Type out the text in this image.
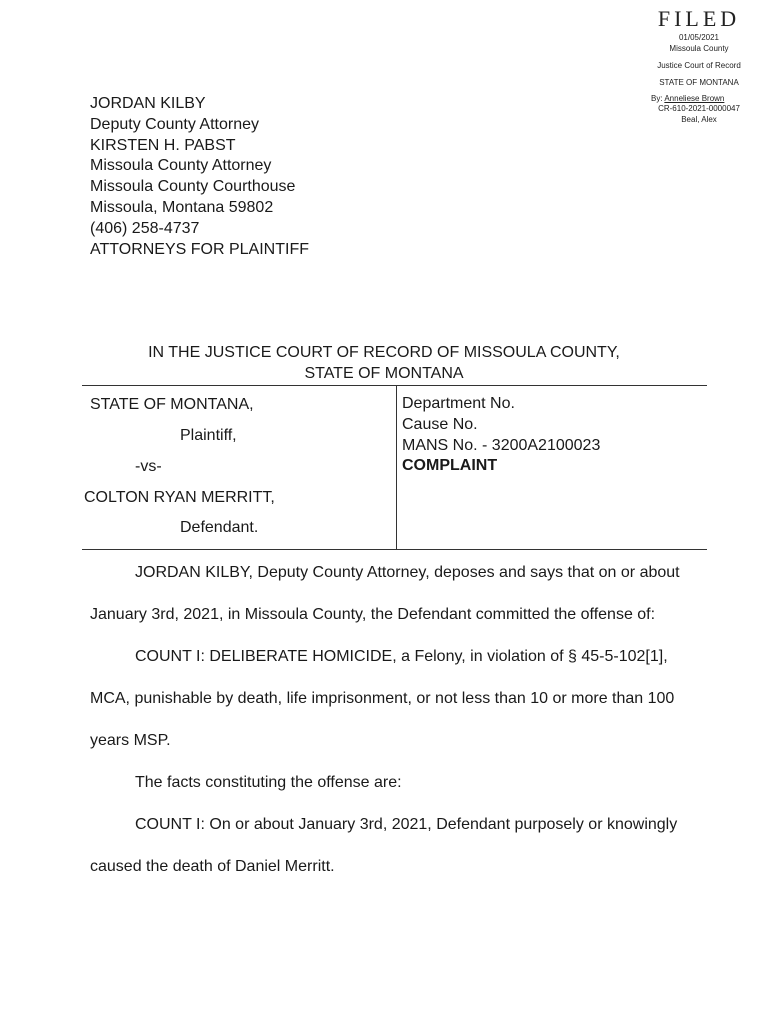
FILED
01/05/2021
Missoula County
Justice Court of Record
STATE OF MONTANA
By: Anneliese Brown
CR-610-2021-0000047
Beal, Alex
JORDAN KILBY
Deputy County Attorney
KIRSTEN H. PABST
Missoula County Attorney
Missoula County Courthouse
Missoula, Montana 59802
(406) 258-4737
ATTORNEYS FOR PLAINTIFF
IN THE JUSTICE COURT OF RECORD OF MISSOULA COUNTY,
STATE OF MONTANA
STATE OF MONTANA,
Plaintiff,
-vs-
COLTON RYAN MERRITT,
Defendant.
Department No.
Cause No.
MANS No. - 3200A2100023
COMPLAINT

JORDAN KILBY, Deputy County Attorney, deposes and says that on or about January 3rd, 2021, in Missoula County, the Defendant committed the offense of:

COUNT I: DELIBERATE HOMICIDE, a Felony, in violation of § 45-5-102[1], MCA, punishable by death, life imprisonment, or not less than 10 or more than 100 years MSP.

The facts constituting the offense are:

COUNT I: On or about January 3rd, 2021, Defendant purposely or knowingly caused the death of Daniel Merritt.
